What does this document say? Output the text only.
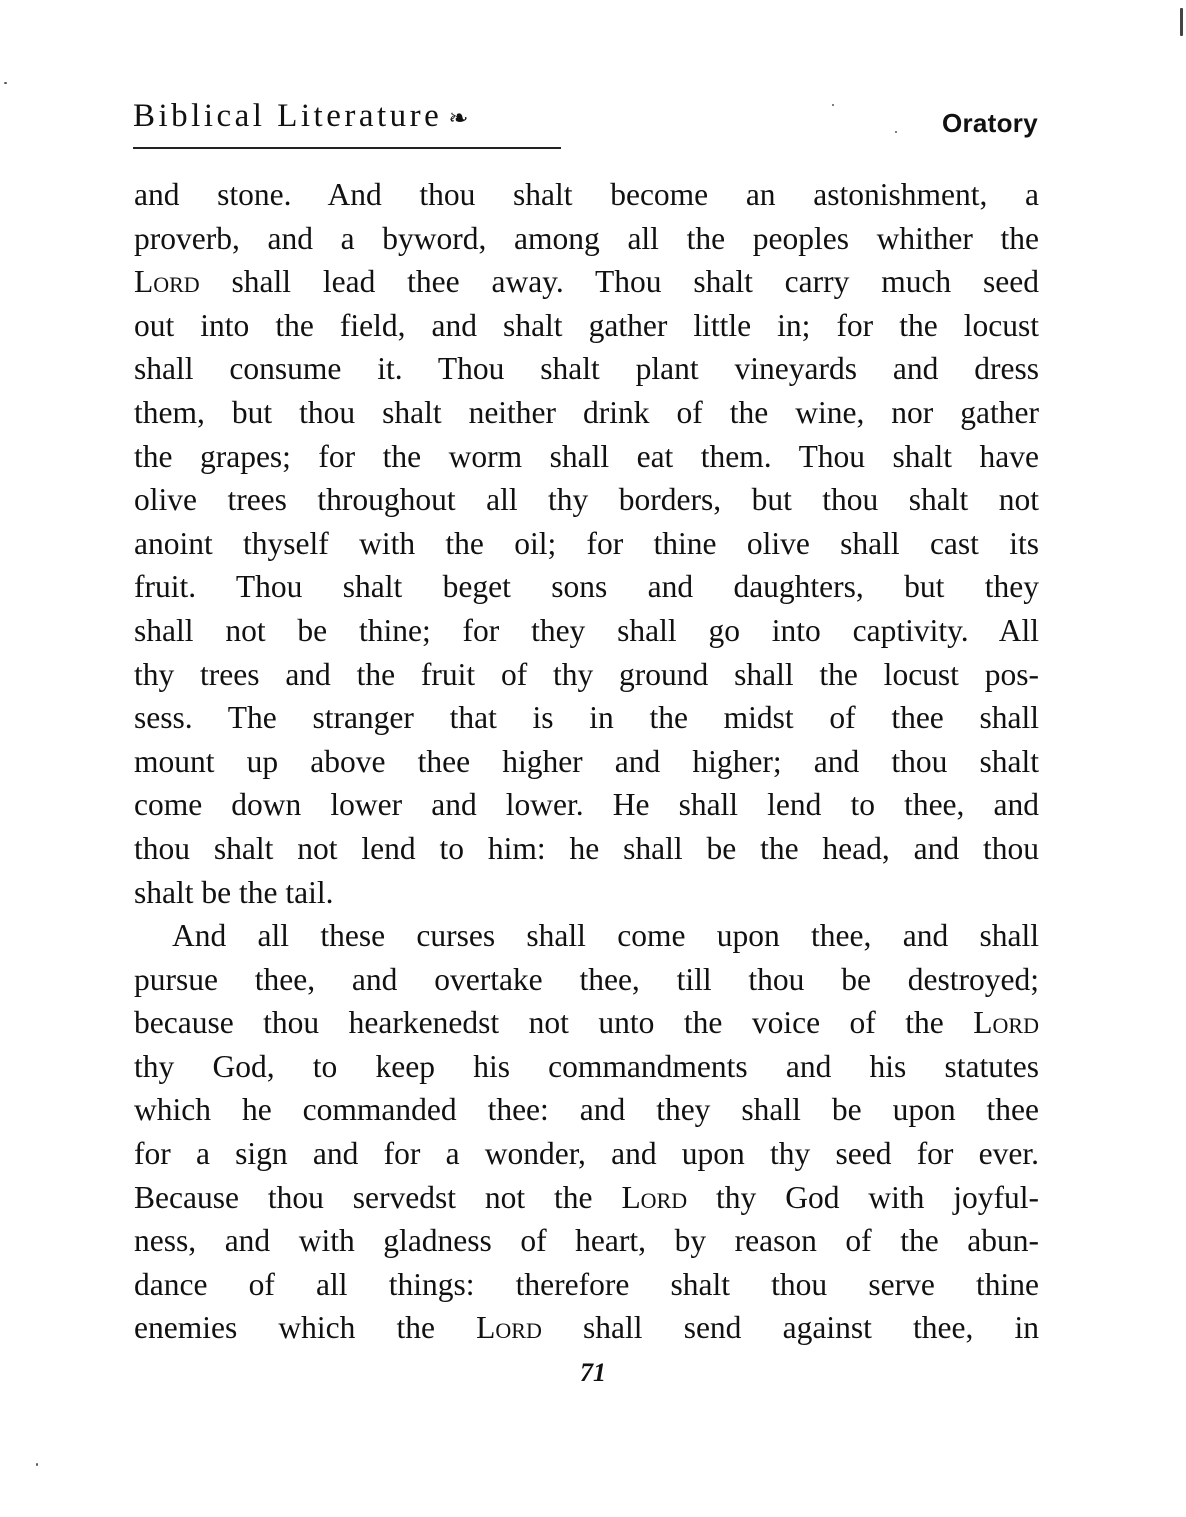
Biblical Literature ❧	Oratory
and stone. And thou shalt become an astonishment, a
proverb, and a byword, among all the peoples whither the
Lord shall lead thee away. Thou shalt carry much seed
out into the field, and shalt gather little in; for the locust
shall consume it. Thou shalt plant vineyards and dress
them, but thou shalt neither drink of the wine, nor gather
the grapes; for the worm shall eat them. Thou shalt have
olive trees throughout all thy borders, but thou shalt not
anoint thyself with the oil; for thine olive shall cast its
fruit. Thou shalt beget sons and daughters, but they
shall not be thine; for they shall go into captivity. All
thy trees and the fruit of thy ground shall the locust pos-
sess. The stranger that is in the midst of thee shall
mount up above thee higher and higher; and thou shalt
come down lower and lower. He shall lend to thee, and
thou shalt not lend to him: he shall be the head, and thou
shalt be the tail.
And all these curses shall come upon thee, and shall
pursue thee, and overtake thee, till thou be destroyed;
because thou hearkenedst not unto the voice of the Lord
thy God, to keep his commandments and his statutes
which he commanded thee: and they shall be upon thee
for a sign and for a wonder, and upon thy seed for ever.
Because thou servedst not the Lord thy God with joyful-
ness, and with gladness of heart, by reason of the abun-
dance of all things: therefore shalt thou serve thine
enemies which the Lord shall send against thee, in
71
